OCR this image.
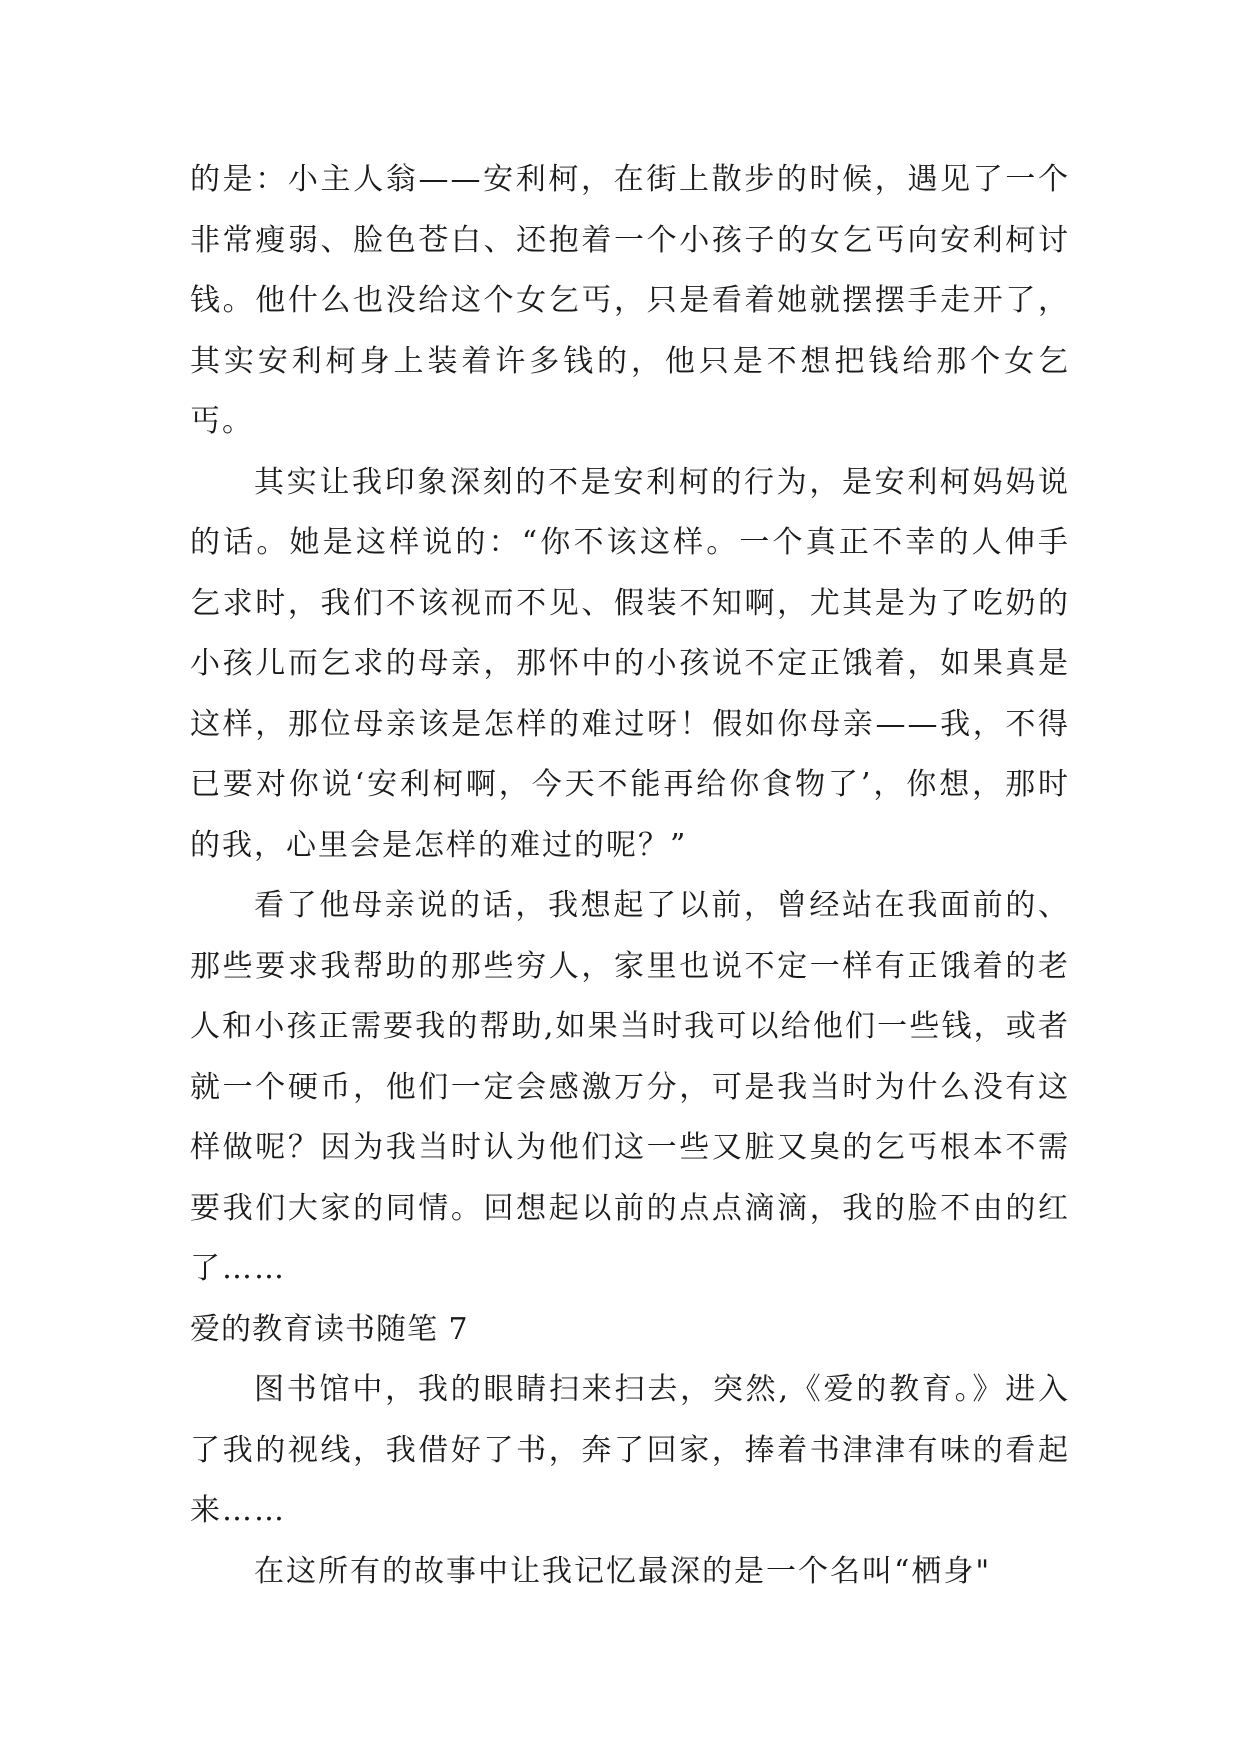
的是：小主人翁——安利柯，在街上散步的时候，遇见了一个非常瘦弱、脸色苍白、还抱着一个小孩子的女乞丐向安利柯讨钱。他什么也没给这个女乞丐，只是看着她就摆摆手走开了，其实安利柯身上装着许多钱的，他只是不想把钱给那个女乞丐。

其实让我印象深刻的不是安利柯的行为，是安利柯妈妈说的话。她是这样说的：“你不该这样。一个真正不幸的人伸手乞求时，我们不该视而不见、假装不知啊，尤其是为了吃奶的小孩儿而乞求的母亲，那怀中的小孩说不定正饿着，如果真是这样，那位母亲该是怎样的难过呀！假如你母亲——我，不得已要对你说‘安利柯啊，今天不能再给你食物了’，你想，那时的我，心里会是怎样的难过的呢？”

看了他母亲说的话，我想起了以前，曾经站在我面前的、那些要求我帮助的那些穷人，家里也说不定一样有正饿着的老人和小孩正需要我的帮助,如果当时我可以给他们一些钱，或者就一个硬币，他们一定会感激万分，可是我当时为什么没有这样做呢？因为我当时认为他们这一些又脏又臭的乞丐根本不需要我们大家的同情。回想起以前的点点滴滴，我的脸不由的红了……

爱的教育读书随笔 7

图书馆中，我的眼睛扫来扫去，突然,《爱的教育。》进入了我的视线，我借好了书，奔了回家，捧着书津津有味的看起来……

在这所有的故事中让我记忆最深的是一个名叫“栖身"
